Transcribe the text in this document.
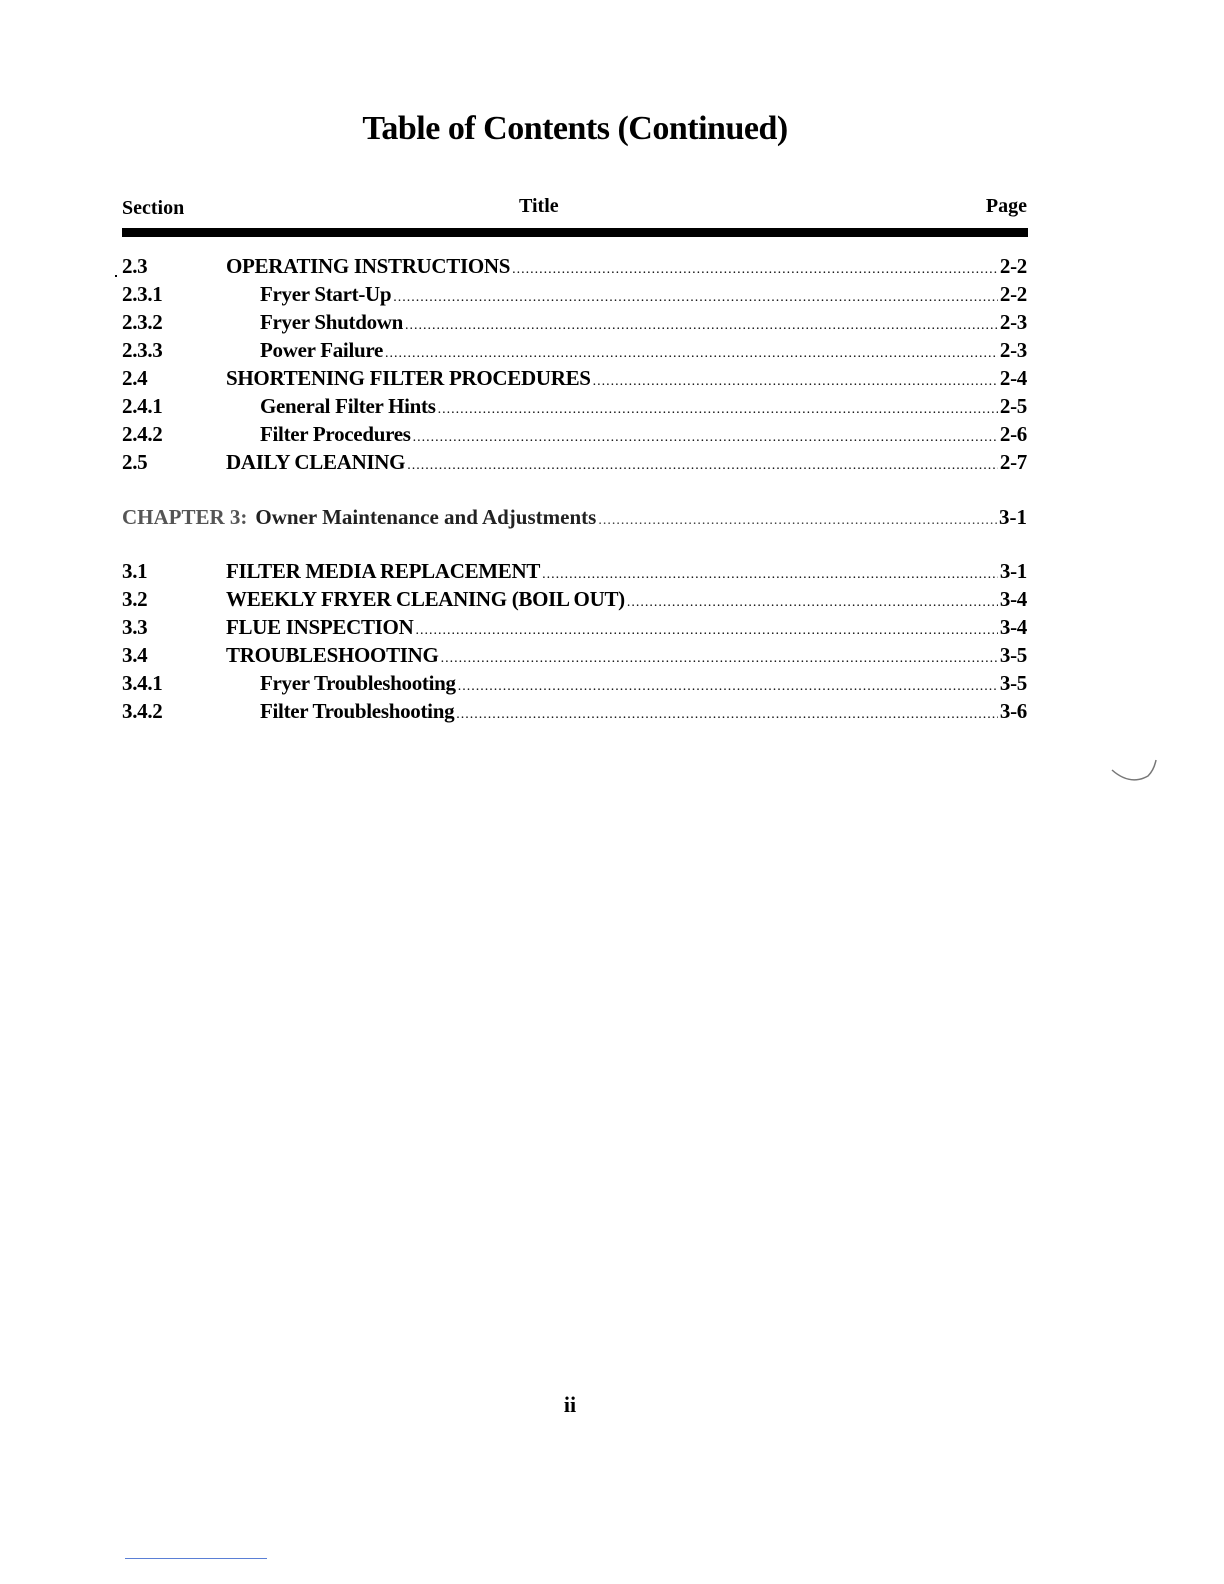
Table of Contents (Continued)
Section	Title	Page
2.3	OPERATING INSTRUCTIONS .....	2-2
2.3.1	Fryer Start-Up .....	2-2
2.3.2	Fryer Shutdown .....	2-3
2.3.3	Power Failure .....	2-3
2.4	SHORTENING FILTER PROCEDURES .....	2-4
2.4.1	General Filter Hints .....	2-5
2.4.2	Filter Procedures .....	2-6
2.5	DAILY CLEANING .....	2-7
CHAPTER 3: Owner Maintenance and Adjustments .....	3-1
3.1	FILTER MEDIA REPLACEMENT .....	3-1
3.2	WEEKLY FRYER CLEANING (BOIL OUT) .....	3-4
3.3	FLUE INSPECTION .....	3-4
3.4	TROUBLESHOOTING .....	3-5
3.4.1	Fryer Troubleshooting .....	3-5
3.4.2	Filter Troubleshooting .....	3-6
ii
